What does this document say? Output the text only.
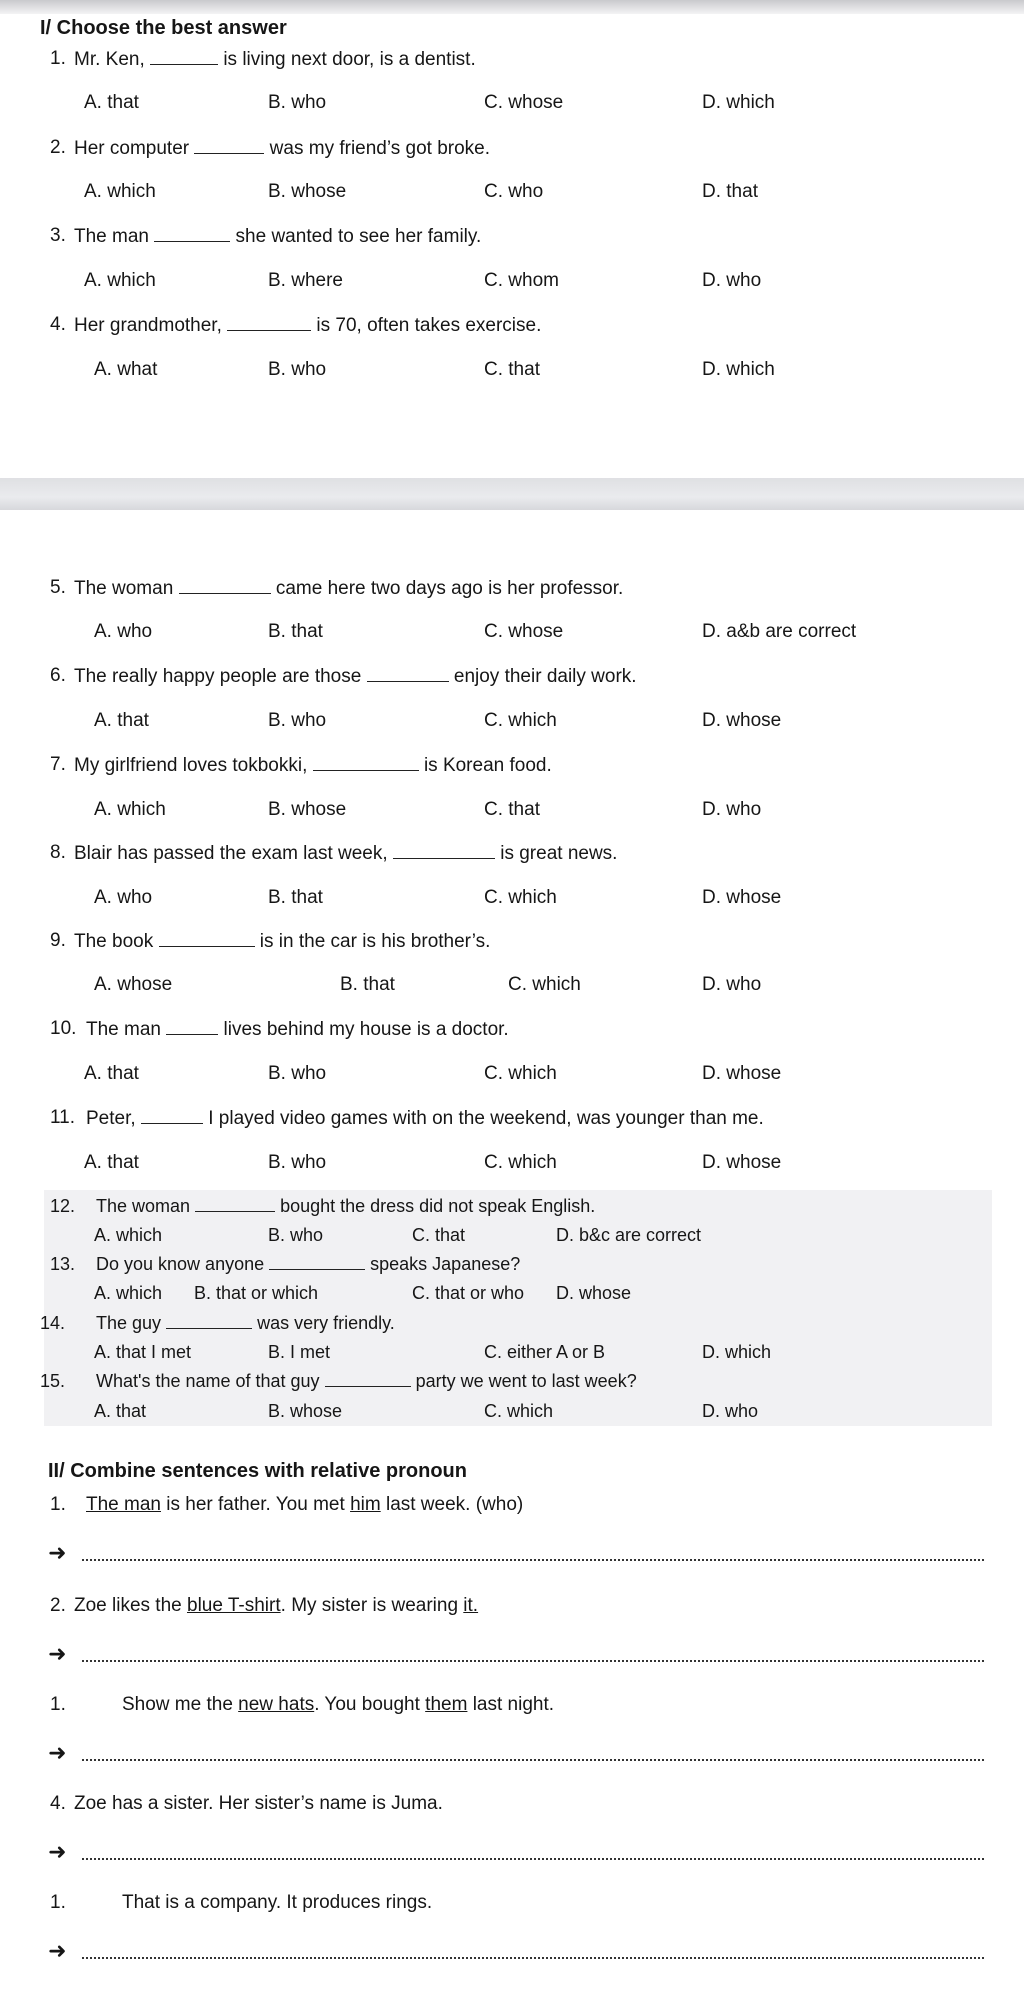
I/ Choose the best answer
II/ Combine sentences with relative pronoun
1. Mr. Ken,	is living next door, is a dentist.
A. that	B. who	C. whose	D. which
2. Her computer	was my friend’s got broke.
A. which	B. whose	C. who	D. that
3. The man	she wanted to see her family.
A. which	B. where	C. whom	D. who
4. Her grandmother,	is 70, often takes exercise.
A. what	B. who	C. that	D. which
5. The woman	came here two days ago is her professor.
A. who	B. that	C. whose	D. a&b are correct
6. The really happy people are those	enjoy their daily work.
A. that	B. who	C. which	D. whose
7. My girlfriend loves tokbokki,	is Korean food.
A. which	B. whose	C. that	D. who
8. Blair has passed the exam last week,	is great news.
A. who	B. that	C. which	D. whose
9. The book	is in the car is his brother’s.
A. whose	B. that	C. which	D. who
10. The man	lives behind my house is a doctor.
A. that	B. who	C. which	D. whose
11. Peter,	I played video games with on the weekend, was younger than me.
A. that	B. who	C. which	D. whose
12. The woman	bought the dress did not speak English.
A. which	B. who	C. that	D. b&c are correct
13. Do you know anyone	speaks Japanese?
A. which B. that or which	C. that or who D. whose
14. The guy	was very friendly.
A. that I met	B. I met	C. either A or B	D. which
15. What's the name of that guy	party we went to last week?
A. that	B. whose	C. which	D. who
1. The man is her father. You met him last week. (who)
➜
2. Zoe likes the blue T-shirt. My sister is wearing it.
➜
1.	Show me the new hats. You bought them last night.
➜
4. Zoe has a sister. Her sister’s name is Juma.
➜
1.	That is a company. It produces rings.
➜
